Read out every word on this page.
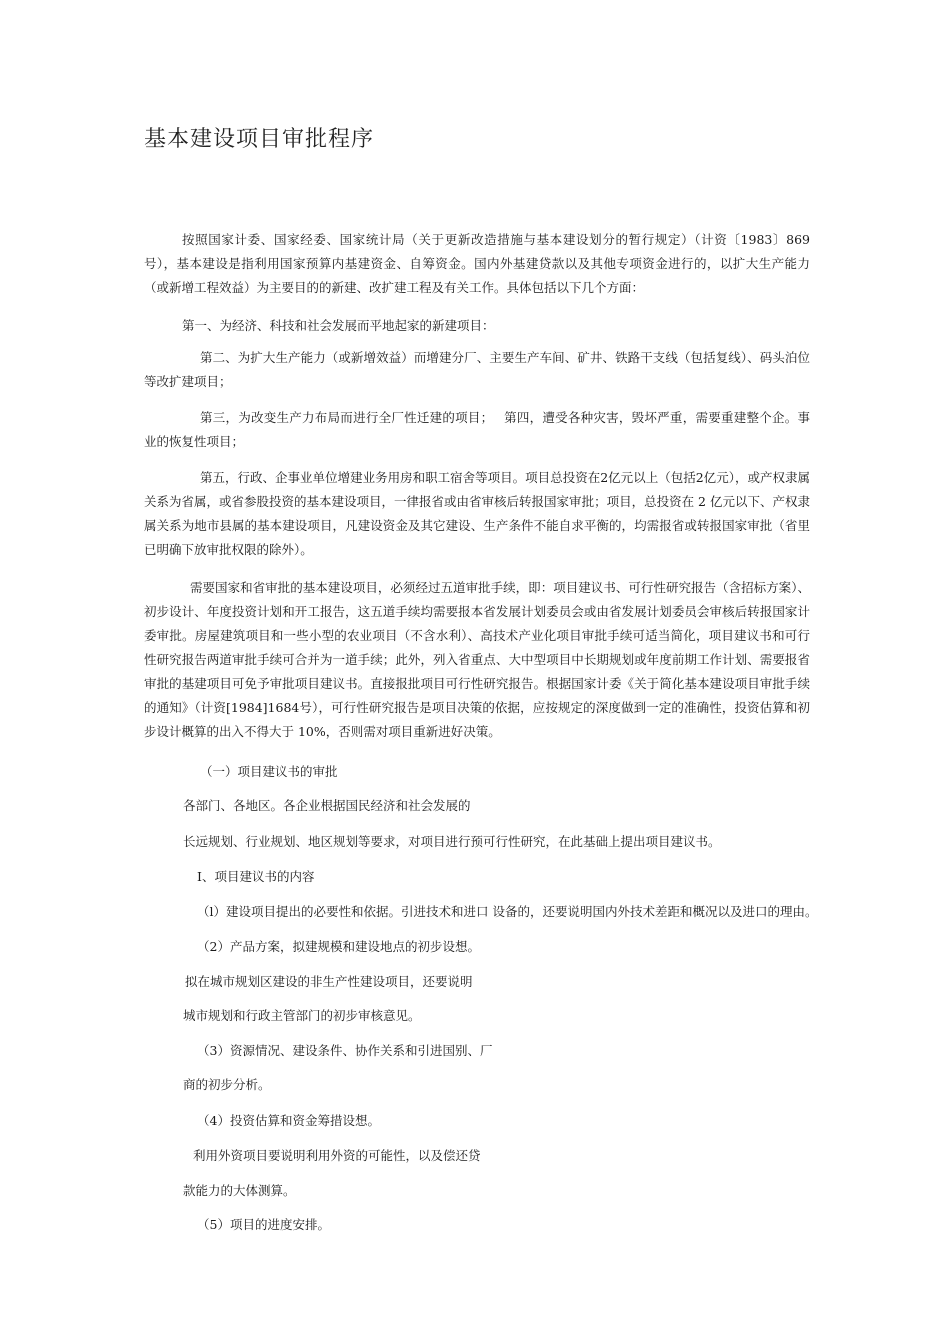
基本建设项目审批程序

按照国家计委、国家经委、国家统计局（关于更新改造措施与基本建设划分的暂行规定）（计资〔1983〕869号），基本建设是指利用国家预算内基建资金、自筹资金。国内外基建贷款以及其他专项资金进行的，以扩大生产能力（或新增工程效益）为主要目的的新建、改扩建工程及有关工作。具体包括以下几个方面：

第一、为经济、科技和社会发展而平地起家的新建项目：

第二、为扩大生产能力（或新增效益）而增建分厂、主要生产车间、矿井、铁路干支线（包括复线）、码头泊位等改扩建项目；

第三，为改变生产力布局而进行全厂性迁建的项目；　 第四，遭受各种灾害，毁坏严重，需要重建整个企。事业的恢复性项目；

第五，行政、企事业单位增建业务用房和职工宿舍等项目。项目总投资在2亿元以上（包括2亿元），或产权隶属关系为省属，或省参股投资的基本建设项目，一律报省或由省审核后转报国家审批；项目，总投资在 2 亿元以下、产权隶属关系为地市县属的基本建设项目，凡建设资金及其它建设、生产条件不能自求平衡的，均需报省或转报国家审批（省里已明确下放审批权限的除外）。

需要国家和省审批的基本建设项目，必须经过五道审批手续，即：项目建议书、可行性研究报告（含招标方案）、初步设计、年度投资计划和开工报告，这五道手续均需要报本省发展计划委员会或由省发展计划委员会审核后转报国家计委审批。房屋建筑项目和一些小型的农业项目（不含水利）、高技术产业化项目审批手续可适当简化，项目建议书和可行性研究报告两道审批手续可合并为一道手续；此外，列入省重点、大中型项目中长期规划或年度前期工作计划、需要报省审批的基建项目可免予审批项目建议书。直接报批项目可行性研究报告。根据国家计委《关于简化基本建设项目审批手续的通知》（计资[1984]1684号），可行性研究报告是项目决策的依据，应按规定的深度做到一定的准确性，投资估算和初步设计概算的出入不得大于 10%，否则需对项目重新进好决策。

（一）项目建议书的审批
各部门、各地区。各企业根据国民经济和社会发展的
长远规划、行业规划、地区规划等要求，对项目进行预可行性研究，在此基础上提出项目建议书。
Ⅰ、项目建议书的内容
（l）建设项目提出的必要性和依据。引进技术和进口 设备的，还要说明国内外技术差距和概况以及进口的理由。
（2）产品方案，拟建规模和建设地点的初步设想。
拟在城市规划区建设的非生产性建设项目，还要说明
城市规划和行政主管部门的初步审核意见。
（3）资源情况、建设条件、协作关系和引进国别、厂
商的初步分析。
（4）投资估算和资金筹措设想。
利用外资项目要说明利用外资的可能性，以及偿还贷
款能力的大体测算。
（5）项目的进度安排。
